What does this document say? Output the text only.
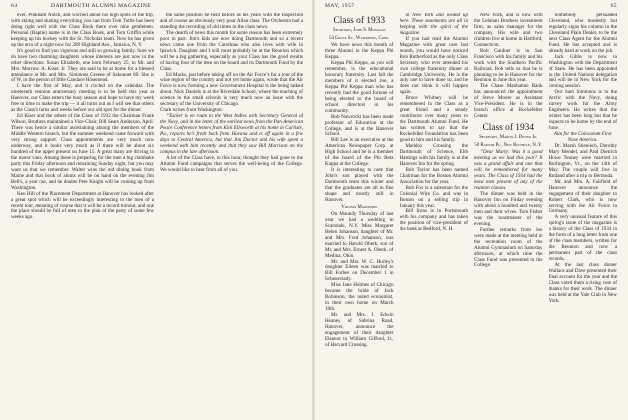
64	DARTMOUTH ALUMNI MAGAZINE

ever. Pinkham Notch, and worried about his high spots of the trip, with skiing and skating everything you can from Tom Tuttle has been doing right well with the Class Book there over nine gentlemen. Personal (Baptie) name is in the Class Book, and Tom Griffin while keeping up his hockey with the St. Nicholas team. Now he has given up the arcs of a night now for 289 Highland Ave., Jamaica, N. Y.

It's good to find you vigorous and still so growing family. Sure we do have two charming daughters whose interests are just now in the other directions. Susan Elisabeth, one born February 25, to Mr. and Mrs. Morrow. A. Kiser. Jr. They are said to be at home for a blessed attendance at Mr. and Mrs. Simmons Greene of Sakonnet 89. She is of W, in the person of little Candace Hosemead.

I have the first of May, and it circled on the calendar. The nineteenth reunion anniversary meeting is to be held this year at Hanover, our Class enters the busy season and hope to have my week free in time to make the trip — it all turns out as I will see that others as the Class's turns and weeks before our old spot for the dinner.

Ed Kiser and the others of the Class of 1932 the Chairman Frank Wilson, Brothers maintained a Vice-Chair, Bill Sears Anderson, April. There was hence a similar ascertaining among the members of the Middle Western branch, but the summer weekend came forward with very strong support. Class appointments are very much now underway, and it looks very much as if there will be about six hundred of the upper present on June 15. A great many are driving in the motor vans. Among these is preparing for the men a big clambake party this Friday afternoon and remaining Sunday night, but you may want us that we remember. Walter wins the old dining book from Maine and that book of alums will be on hand on the evening Jim Bell's, a year out, and he doubts Pete Knight will be coming up from Washington.

Ken Hill of the Placement Department at Hanover has looked after a great spot which will be exceedingly interesting to the men of a recent tour, meaning of course that it will be a record turnout, and one the place should be full of men to the plan of the party of some few weeks ago.

the same position he held before as his years with the Inspection and of course an obviously very poor Allan class. The Orchestra had a standing the recording of old times in the class news.

The dearth of news this month for some reason has been extremely poor in part. Jim's kids are now doing Dartmouth and so a recent news came one from the Carolinas who also lives with wife in Ipswich. Daughter and I will most probably be at the Reunion which will be a big gathering, especially as your Class has the good results of having four of the men on the board and its Dartmouth Fund by the Class.

Ed Marks, just before taking off on the Air Force’s for a tour of the wine region of the country and not yet home again, wrote that the Air Force is now forming a new Government Hospital is the being talked about. Nick Daniels is at the Riverdale School, where the teaching of science in the small schools is very much now an issue with the secretary of the University of Chicago.

Clark writes from Washington:

“Tucker is en route to the West Indies with Secretary General of the Navy, and in the letter of the earliest news from the Pan American Peace Conference letters from Kirk Ellsworth at his home in Carlisle, Pa., reports he’s fresh back from Havana and is off again in a few days to Central America, but that Jim Doctor and his wife spent a weekend with him recently and that they saw Bill Morrison on the campus in the late afternoon.

A lot of the Class have, to this hour, thought they had gone to the Alumni Fund campaigns that serves the well-being of the College. We would like to hear from all of you.

MAY, 1957	65
Class of 1933
Secretary, John S. Monagan
54 Grove St., Waterbury, Conn.

We have news this month of three Alumni in the Keppa Phi Keppa.

Keppa Phi Keppa, as you will remember, is the educational honorary fraternity. Last fall the members of it elected Joe, a Keppa Phi Keppa man who has recently had the good fortune of being elected to the board of school directors in his community.

Bob Nawrocki has been made professor of Education at the College, and is at the Hanover School.

Bill Lee is an executive at the American Newspaper Corp. at High School and he is a member of the board of the Phi Beta Kappa at the College.

It is interesting to note that John's son played with the Dartmouth team this winter and that the graduates are all in fine shape and mostly still in Hanover.

Virginia Marmondo

On Maundy Thursday of last year we had a wedding in Scarsdale, N.Y. Miss Margaret Helen Johanson, daughter of Mr. and Mrs. Fred Johanson, was married to Harold Oberk, son of Mr. and Mrs. Ernest A. Oberk, of Medina, Ohio.

Mr. and Mrs. W. C. Hurley's daughter Eileen was married to Bill Forbes on December 1 in Schenectady.

Miss Jane Holmes of Chicago became the bride of Jack Robinson, the noted economist, in their own home on March 18th.

Mr. and Mrs. J. Edwin Heaney of Sabrina Road, Hanover, announce the engagement of their daughter Eleanor to William Gifford, Jr., of Harvard Crossing.

in New York and wound up here. These statements are all in keeping with the spirit of the magazine.

If you had read the Alumni Magazine with great care last month, you would have noticed Bob Rutherford as the only Class Secretary who ever attended his own college fraternity dinner at Cambridge University. He is the only one to have done so, and he does not think it will happen again.

Bruce Whitney will be remembered in the Class as a great friend and a steady contributor over many years to the Dartmouth Alumni Fund. He has written to say that the Rockefeller Foundation has been good to him and his family.

Maddox Crossing the Dartmouth of Science, Ebb Hastings with his family is at the Hanover Inn for the spring.

Bob Taylor has been named Chairman for the Boston Alumni Association for the year.

Bob Fox is a salesman for the Colonial Wire Co. and was in Boston on a selling trip in January this year.

Bill Irons is in Portsmouth with his company and has taken the position of vice-president of the bank at Bedford, N. H.

New York, and is now with the Lehman Brothers investment firm, as sales manager for the company. His wife and two children live at home in Hartford, Connecticut.

Bob Gardner is in San Francisco with his family and his work with the Southern Pacific Railroad. Bob tells us that he is planning to be in Hanover for the Reunion in June this year.

The Chase Manhattan Bank has announced the appointment of Steve Moore as Assistant Vice-President. He is in the branch office at Rockefeller Center.

Class of 1934
Secretary, Marvin J. Dwyer Jr.
50 Ransom Pl., New Rochelle, N. Y.

“Dear Marty: Was it a good meeting as we had this year? It was a grand affair and one that will be remembered for many years. The Class of 1934 had the most men present of any of the reunion classes.

The dinner was held in the Hanover Inn on Friday evening with about a hundred and twenty men and their wives. Tom Fisher was the toastmaster of the evening.

Further remarks from Joe were made at the meeting held in the recreation room of the Alumni Gymnasium on Saturday afternoon, at which time the Class Fund was presented to the College.

Somebody persuaded Cleveland, who modestly but regularly signs his column in the Cleveland Plain Dealer, to be the next Class Agent for the Alumni Fund. He has accepted and is already hard at work on the job.

Jack Gibbs is now in Washington with the Department of State. He has been appointed to the United Nations delegation and will be in New York for the coming session.

Our Sam Simmons is in the Arctic with the Navy, doing survey work for the Army Engineers. He writes that the winter has been long but that he expects to be home by the end of June.

Aim for the Colosseum First Nose America.

Dr. Marsh Stieniech, Dorothy Mary Mendel, and Paul Dietrich Howe Tenney were married in Burlington, Vt., on the 14th of May. The couple will live in Rutland after a trip to Bermuda.

Mr. and Mrs. A. Fairfield of Hanover announce the engagement of their daughter to Robert Clark, who is now serving with the Air Force in Germany.

A very unusual feature of this spring's issue of the magazine is a history of the Class of 1934 in the form of a long letter from one of the class members, written for the Reunion and now a permanent part of the class records.

At the last class dinner Wallace and Dave presented their final account for the year and the Class voted them a rising vote of thanks for their work. The dinner was held at the Yale Club in New York.
